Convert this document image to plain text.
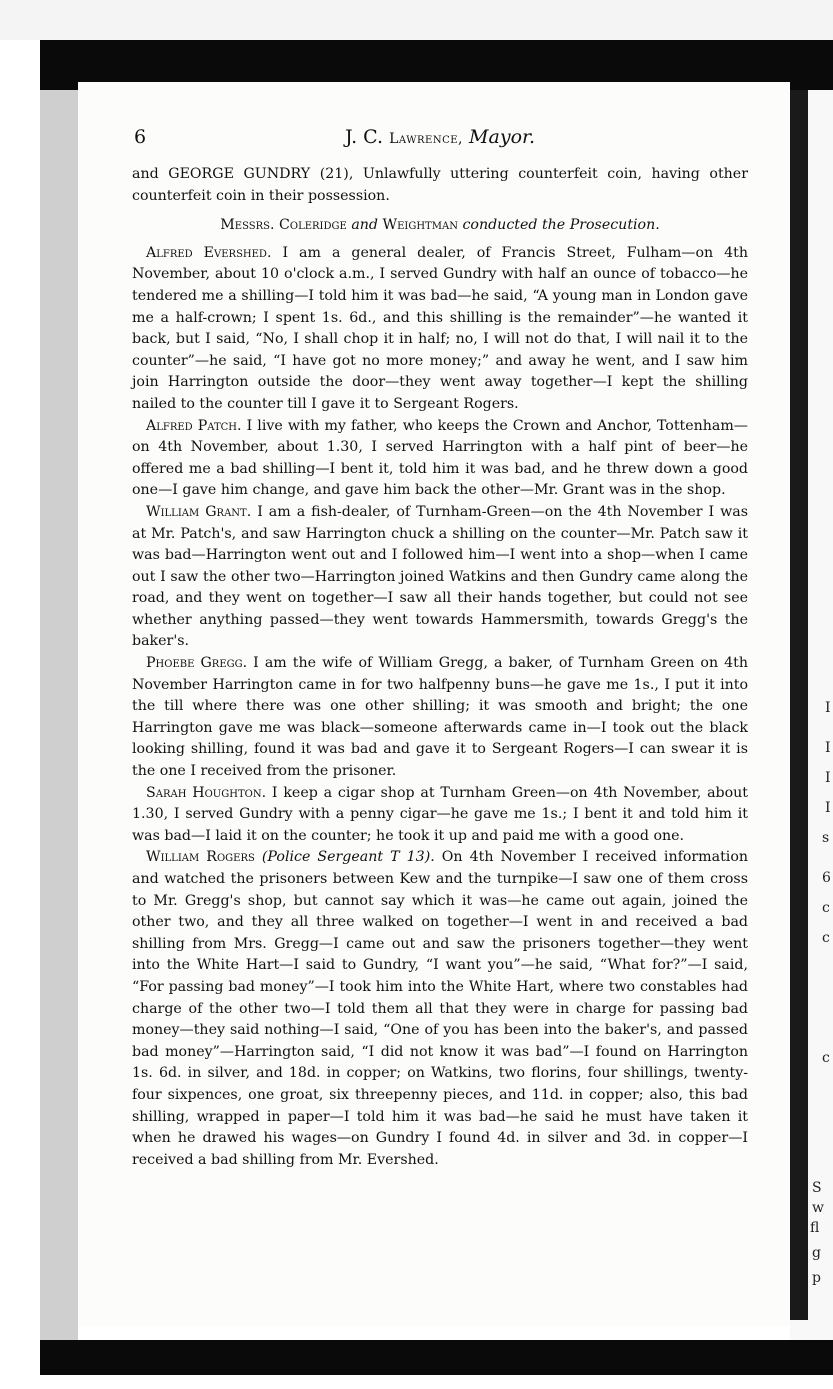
I
I
I
I
s
6
c
c
c
S
w
fl
g
p
6	J. C. Lawrence, Mayor.

and GEORGE GUNDRY (21), Unlawfully uttering counterfeit coin, having other counterfeit coin in their possession.

Messrs. Coleridge and Weightman conducted the Prosecution.

Alfred Evershed. I am a general dealer, of Francis Street, Fulham—on 4th November, about 10 o'clock a.m., I served Gundry with half an ounce of tobacco—he tendered me a shilling—I told him it was bad—he said, “A young man in London gave me a half-crown; I spent 1s. 6d., and this shilling is the remainder”—he wanted it back, but I said, “No, I shall chop it in half; no, I will not do that, I will nail it to the counter”—he said, “I have got no more money;” and away he went, and I saw him join Harrington outside the door—they went away together—I kept the shilling nailed to the counter till I gave it to Sergeant Rogers.

Alfred Patch. I live with my father, who keeps the Crown and Anchor, Tottenham—on 4th November, about 1.30, I served Harrington with a half pint of beer—he offered me a bad shilling—I bent it, told him it was bad, and he threw down a good one—I gave him change, and gave him back the other—Mr. Grant was in the shop.

William Grant. I am a fish-dealer, of Turnham-Green—on the 4th November I was at Mr. Patch's, and saw Harrington chuck a shilling on the counter—Mr. Patch saw it was bad—Harrington went out and I followed him—I went into a shop—when I came out I saw the other two—Harrington joined Watkins and then Gundry came along the road, and they went on together—I saw all their hands together, but could not see whether anything passed—they went towards Hammersmith, towards Gregg's the baker's.

Phoebe Gregg. I am the wife of William Gregg, a baker, of Turnham Green on 4th November Harrington came in for two halfpenny buns—he gave me 1s., I put it into the till where there was one other shilling; it was smooth and bright; the one Harrington gave me was black—someone afterwards came in—I took out the black looking shilling, found it was bad and gave it to Sergeant Rogers—I can swear it is the one I received from the prisoner.

Sarah Houghton. I keep a cigar shop at Turnham Green—on 4th November, about 1.30, I served Gundry with a penny cigar—he gave me 1s.; I bent it and told him it was bad—I laid it on the counter; he took it up and paid me with a good one.

William Rogers (Police Sergeant T 13). On 4th November I received information and watched the prisoners between Kew and the turnpike—I saw one of them cross to Mr. Gregg's shop, but cannot say which it was—he came out again, joined the other two, and they all three walked on together—I went in and received a bad shilling from Mrs. Gregg—I came out and saw the prisoners together—they went into the White Hart—I said to Gundry, “I want you”—he said, “What for?”—I said, “For passing bad money”—I took him into the White Hart, where two constables had charge of the other two—I told them all that they were in charge for passing bad money—they said nothing—I said, “One of you has been into the baker's, and passed bad money”—Harrington said, “I did not know it was bad”—I found on Harrington 1s. 6d. in silver, and 18d. in copper; on Watkins, two florins, four shillings, twenty-four sixpences, one groat, six threepenny pieces, and 11d. in copper; also, this bad shilling, wrapped in paper—I told him it was bad—he said he must have taken it when he drawed his wages—on Gundry I found 4d. in silver and 3d. in copper—I received a bad shilling from Mr. Evershed.
